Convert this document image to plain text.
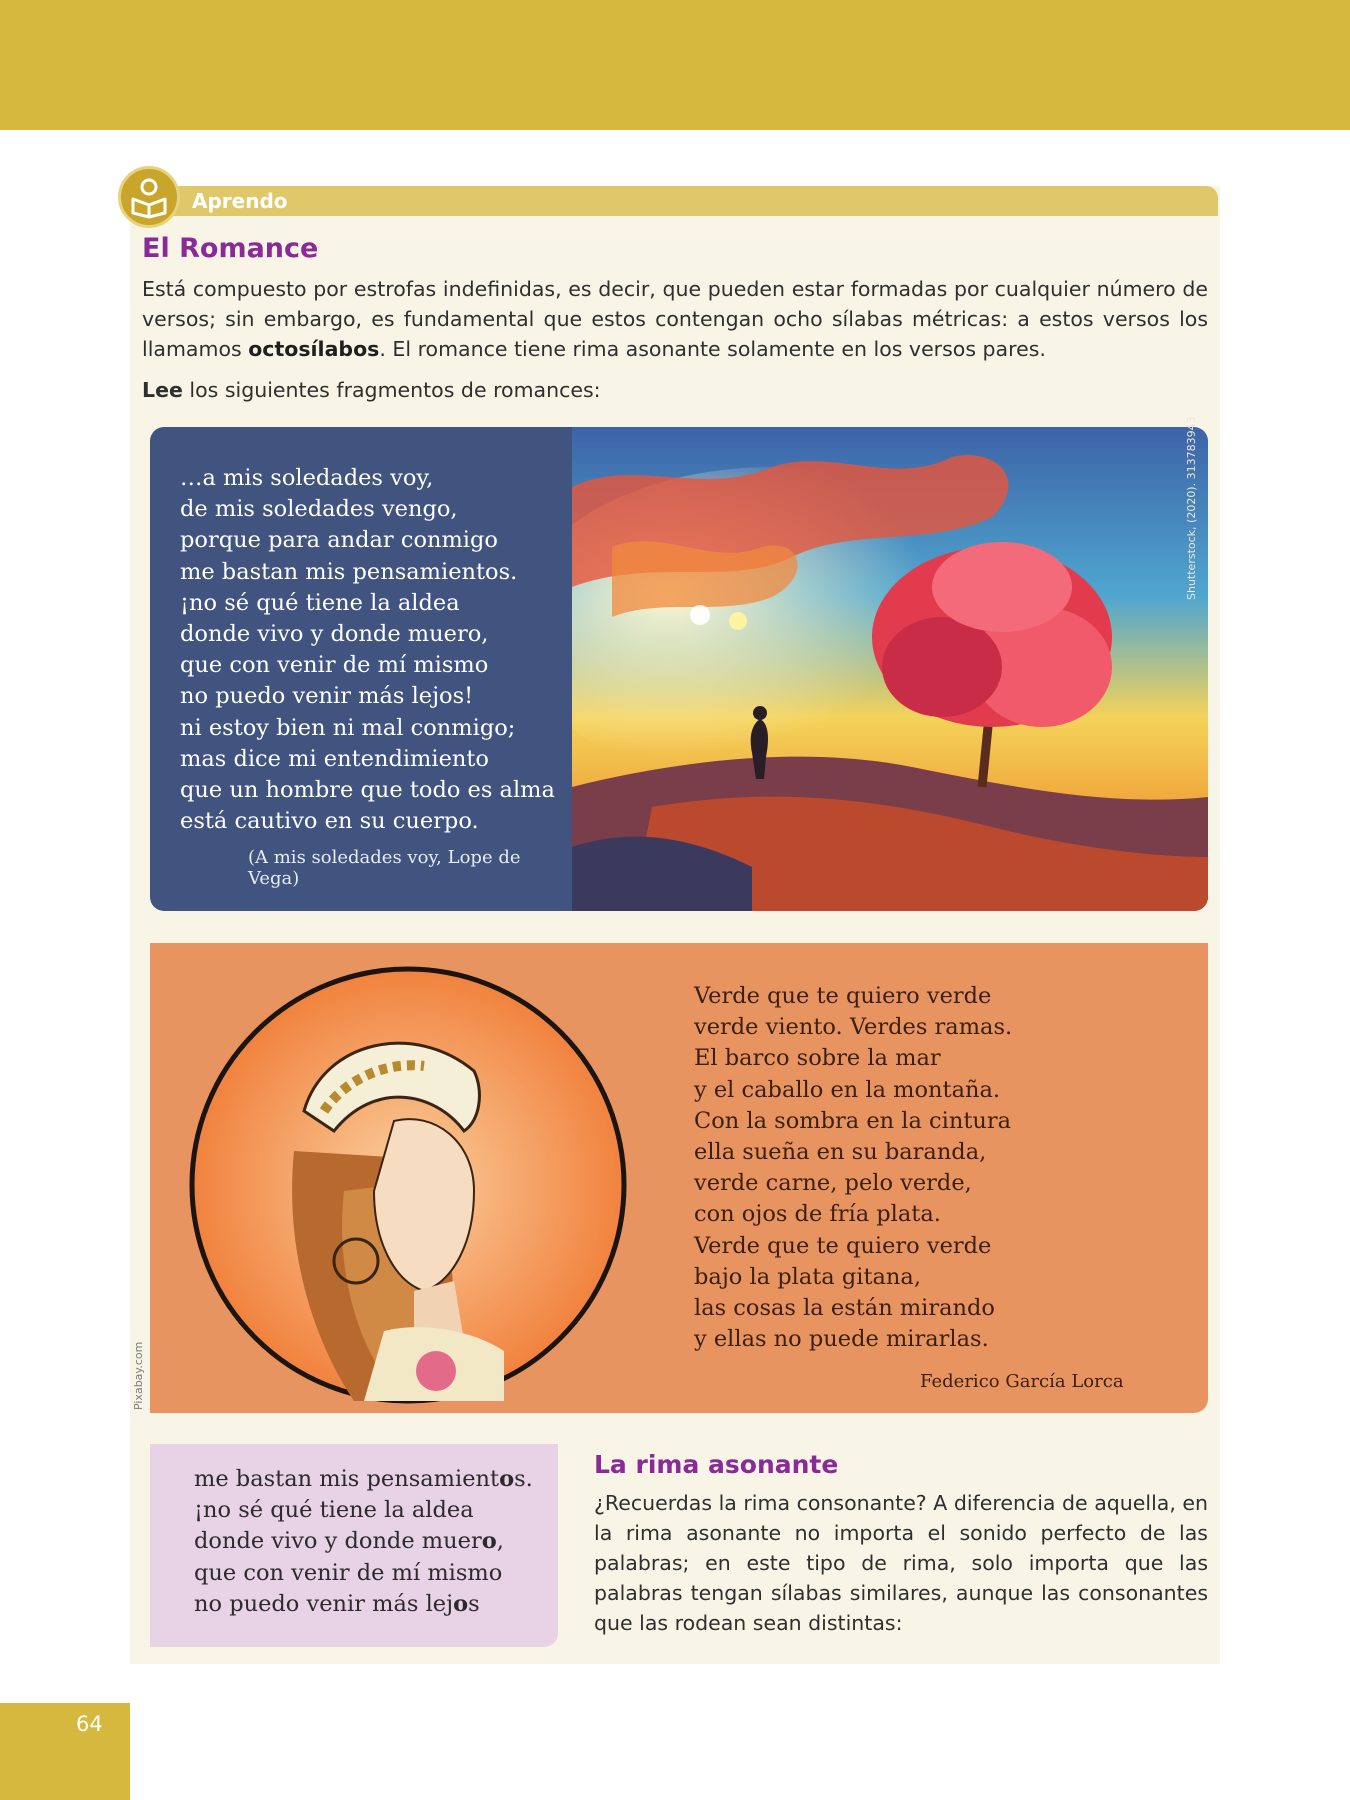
Aprendo
El Romance
Está compuesto por estrofas indefinidas, es decir, que pueden estar formadas por cualquier número de versos; sin embargo, es fundamental que estos contengan ocho sílabas métricas: a estos versos los llamamos octosílabos. El romance tiene rima asonante solamente en los versos pares.
Lee los siguientes fragmentos de romances:
…a mis soledades voy,
de mis soledades vengo,
porque para andar conmigo
me bastan mis pensamientos.
¡no sé qué tiene la aldea
donde vivo y donde muero,
que con venir de mí mismo
no puedo venir más lejos!
ni estoy bien ni mal conmigo;
mas dice mi entendimiento
que un hombre que todo es alma
está cautivo en su cuerpo.
(A mis soledades voy, Lope de Vega)
Shutterstock, (2020). 313783943
Verde que te quiero verde
verde viento. Verdes ramas.
El barco sobre la mar
y el caballo en la montaña.
Con la sombra en la cintura
ella sueña en su baranda,
verde carne, pelo verde,
con ojos de fría plata.
Verde que te quiero verde
bajo la plata gitana,
las cosas la están mirando
y ellas no puede mirarlas.
Federico García Lorca
Pixabay.com
me bastan mis pensamientos.
¡no sé qué tiene la aldea
donde vivo y donde muero,
que con venir de mí mismo
no puedo venir más lejos
La rima asonante
¿Recuerdas la rima consonante? A diferencia de aquella, en la rima asonante no importa el sonido perfecto de las palabras; en este tipo de rima, solo importa que las palabras tengan sílabas similares, aunque las consonantes que las rodean sean distintas:
64
